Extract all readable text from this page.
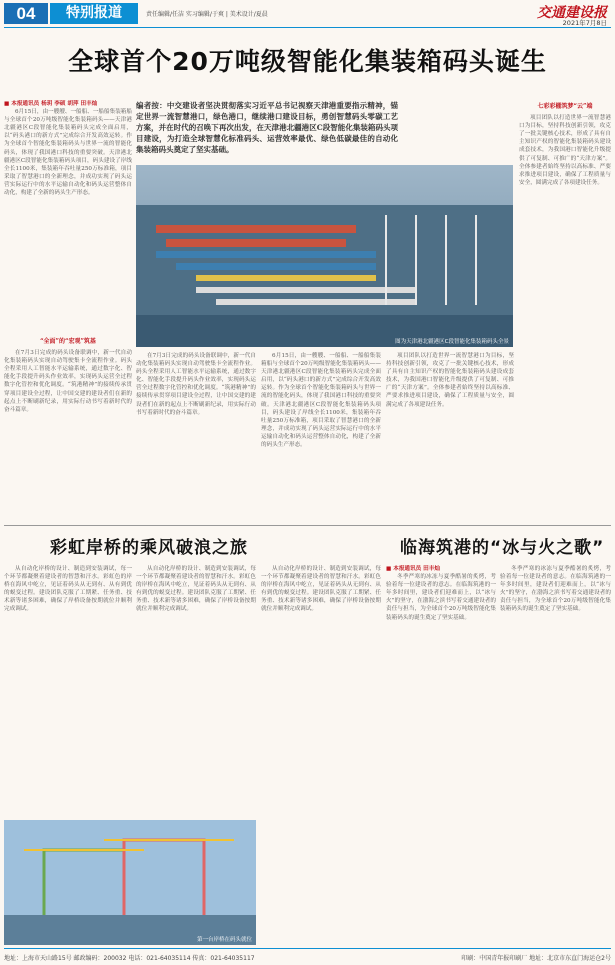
04	特别报道	责任编辑/任洁 实习编辑/于爽 | 美术设计/夏晨	交通建设报
2021年7月8日
全球首个20万吨级智能化集装箱码头诞生
■ 本报通讯员 杨玥 李硕 胡萍 田丰灿
6月15日，由一艘艘、一船船、一船船集装箱船与全球首个20万吨级智能化集装箱码头——天津港北疆港区C段智能化集装箱码头完成全面启用，以“码头港口的新方式”完成综合开发高效运转。作为全球首个智能化集装箱码头与世界一流的智能化码头，体现了我国港口科技的重要突破。天津港北疆港区C段智能化集装箱码头项目，码头建设了岸线全长1100米，集装箱年吞吐量250万标准箱，项目采取了智慧港口的全新理念，并成功实现了码头运营实际运行中的水平运输自动化和码头运营整体自动化，构建了全新的码头生产形态。
“全面”的“宏观”筑基
在7月3日完成的码头设备联调中，新一代自动化集装箱码头实现自动驾驶集卡全流程作业。码头全程采用人工智能水平运输系统，通过数字化、智能化手段提升码头作业效率，实现码头运营全过程数字化管控和优化调度。“筑港精神”的接续传承贯穿项目建设全过程，让中国交建的建设者们在新的起点上不断刷新纪录，用实际行动书写着新时代的奋斗篇章。
编者按：中交建设者坚决贯彻落实习近平总书记视察天津港重要指示精神，锚定世界一流智慧港口，绿色港口，继续港口建设目标，勇创智慧码头零碳工艺方案，并在时代的召唤下再次出发，在天津港北疆港区C段智能化集装箱码头项目建设，为打造全球智慧化标准码头、运营效率最优、绿色低碳最佳的自动化集装箱码头奠定了坚实基础。
图为天津港北疆港区C段智能化集装箱码头全景
七彩彩棚筑梦“云”端
项目团队以打造世界一流智慧港口为目标，坚持科技创新引领，攻克了一批关键核心技术，形成了具有自主知识产权的智能化集装箱码头建设成套技术，为我国港口智能化升级提供了可复制、可推广的“天津方案”。全体参建者始终坚持以高标准、严要求推进项目建设，确保了工程质量与安全，圆满完成了各项建设任务。
在7月3日完成的码头设备联调中，新一代自动化集装箱码头实现自动驾驶集卡全流程作业。码头全程采用人工智能水平运输系统，通过数字化、智能化手段提升码头作业效率，实现码头运营全过程数字化管控和优化调度。“筑港精神”的接续传承贯穿项目建设全过程，让中国交建的建设者们在新的起点上不断刷新纪录，用实际行动书写着新时代的奋斗篇章。
6月15日，由一艘艘、一船船、一船船集装箱船与全球首个20万吨级智能化集装箱码头——天津港北疆港区C段智能化集装箱码头完成全面启用，以“码头港口的新方式”完成综合开发高效运转。作为全球首个智能化集装箱码头与世界一流的智能化码头，体现了我国港口科技的重要突破。天津港北疆港区C段智能化集装箱码头项目，码头建设了岸线全长1100米，集装箱年吞吐量250万标准箱，项目采取了智慧港口的全新理念，并成功实现了码头运营实际运行中的水平运输自动化和码头运营整体自动化，构建了全新的码头生产形态。
项目团队以打造世界一流智慧港口为目标，坚持科技创新引领，攻克了一批关键核心技术，形成了具有自主知识产权的智能化集装箱码头建设成套技术，为我国港口智能化升级提供了可复制、可推广的“天津方案”。全体参建者始终坚持以高标准、严要求推进项目建设，确保了工程质量与安全，圆满完成了各项建设任务。
彩虹岸桥的乘风破浪之旅
从自动化岸桥的设计、制造到安装调试，每一个环节都凝聚着建设者的智慧和汗水。彩虹色的岸桥在海风中屹立，见证着码头从无到有、从有到优的蜕变过程。建设团队克服了工期紧、任务重、技术新等诸多困难，确保了岸桥设备按期就位并顺利完成调试。
从自动化岸桥的设计、制造到安装调试，每一个环节都凝聚着建设者的智慧和汗水。彩虹色的岸桥在海风中屹立，见证着码头从无到有、从有到优的蜕变过程。建设团队克服了工期紧、任务重、技术新等诸多困难，确保了岸桥设备按期就位并顺利完成调试。
从自动化岸桥的设计、制造到安装调试，每一个环节都凝聚着建设者的智慧和汗水。彩虹色的岸桥在海风中屹立，见证着码头从无到有、从有到优的蜕变过程。建设团队克服了工期紧、任务重、技术新等诸多困难，确保了岸桥设备按期就位并顺利完成调试。
第一台岸桥在码头就位
临海筑港的“冰与火之歌”
■ 本报通讯员 田丰灿
冬季严寒的冰冻与夏季酷暑的炙烤，考验着每一位建设者的意志。在临海筑港的一年多时间里，建设者们迎难而上，以“冰与火”的坚守，在渤海之滨书写着交通建设者的责任与担当，为全球首个20万吨级智能化集装箱码头的诞生奠定了坚实基础。
冬季严寒的冰冻与夏季酷暑的炙烤，考验着每一位建设者的意志。在临海筑港的一年多时间里，建设者们迎难而上，以“冰与火”的坚守，在渤海之滨书写着交通建设者的责任与担当，为全球首个20万吨级智能化集装箱码头的诞生奠定了坚实基础。
地址：上海市天山路15号 邮政编码：200032 电话：021-64035114 传真：021-64035117	印刷：中国青年报印刷厂 地址：北京市东直门海运仓2号
